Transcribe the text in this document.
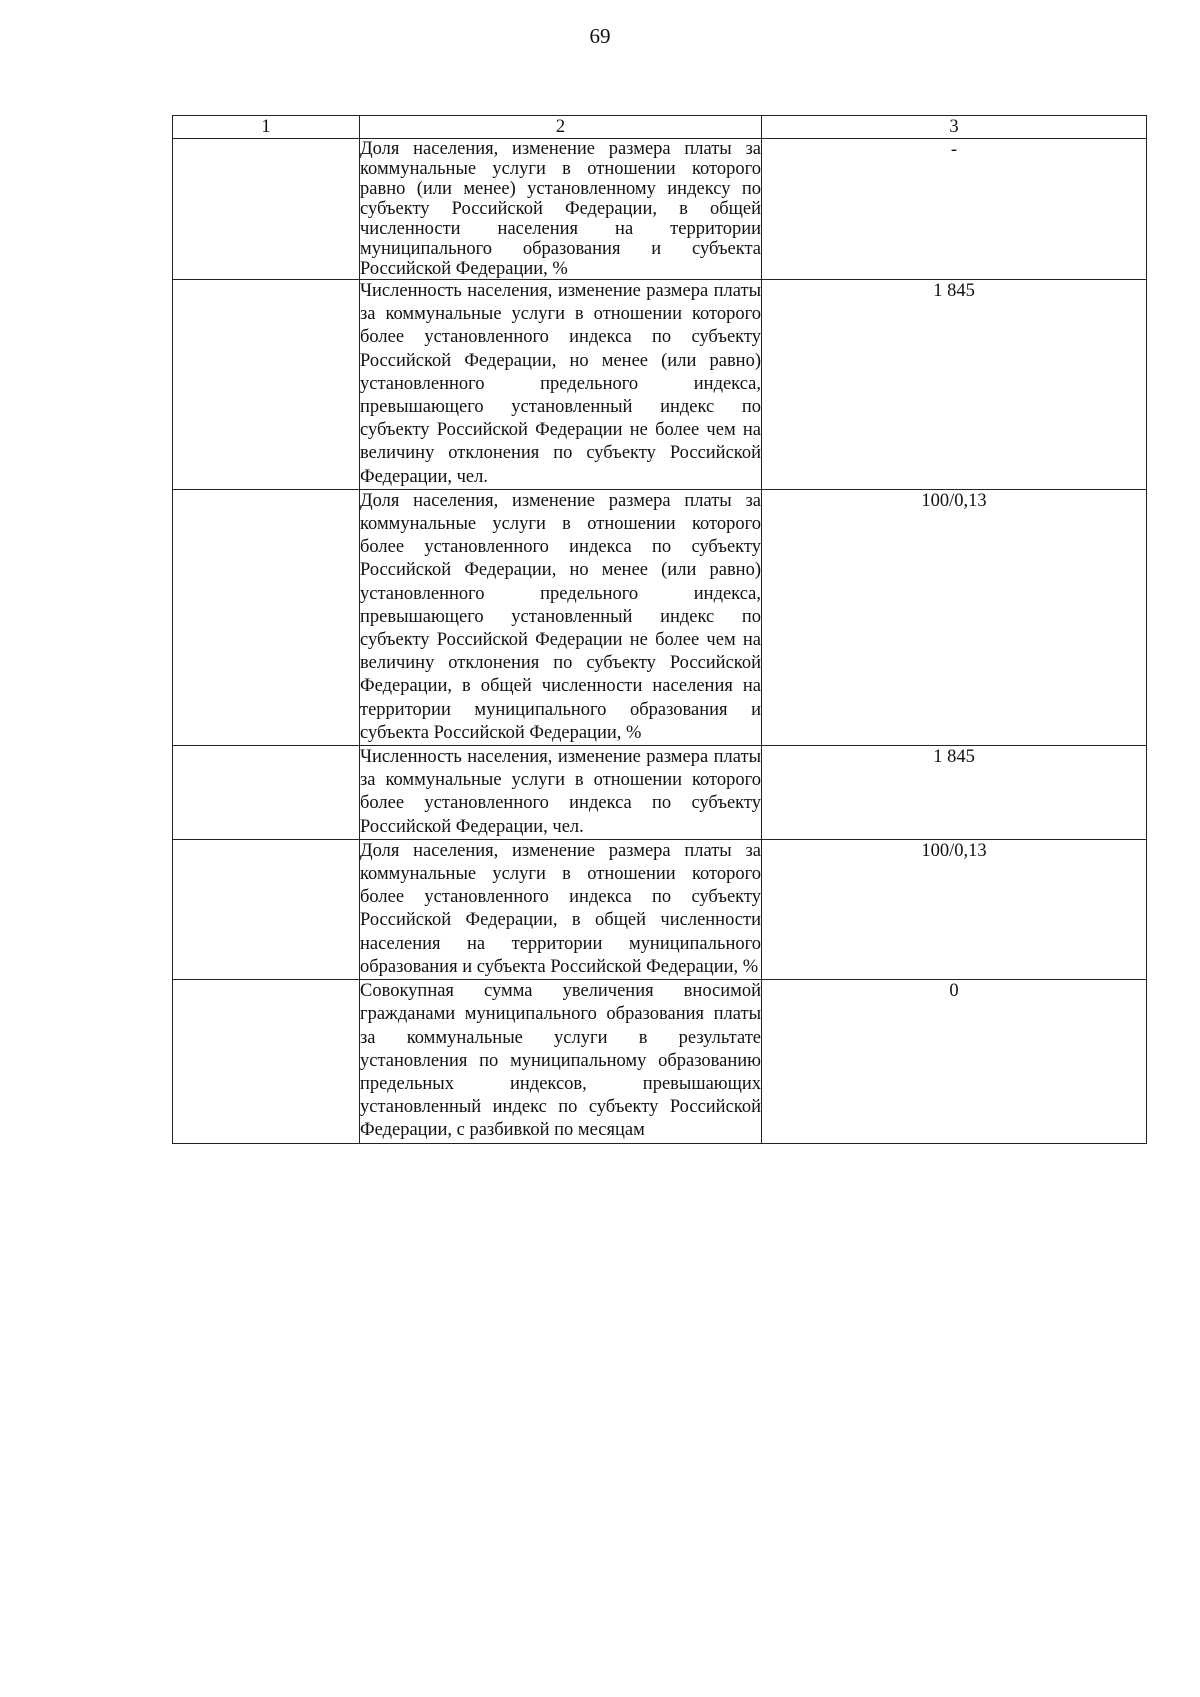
69
1	2	3
	Доля населения, изменение размера платы за коммунальные услуги в отношении которого равно (или менее) установленному индексу по субъекту Российской Федерации, в общей численности населения на территории муниципального образования и субъекта Российской Федерации, %	-
	Численность населения, изменение размера платы за коммунальные услуги в отношении которого более установленного индекса по субъекту Российской Федерации, но менее (или равно) установленного предельного индекса, превышающего установленный индекс по субъекту Российской Федерации не более чем на величину отклонения по субъекту Российской Федерации, чел.	1 845
	Доля населения, изменение размера платы за коммунальные услуги в отношении которого более установленного индекса по субъекту Российской Федерации, но менее (или равно) установленного предельного индекса, превышающего установленный индекс по субъекту Российской Федерации не более чем на величину отклонения по субъекту Российской Федерации, в общей численности населения на территории муниципального образования и субъекта Российской Федерации, %	100/0,13
	Численность населения, изменение размера платы за коммунальные услуги в отношении которого более установленного индекса по субъекту Российской Федерации, чел.	1 845
	Доля населения, изменение размера платы за коммунальные услуги в отношении которого более установленного индекса по субъекту Российской Федерации, в общей численности населения на территории муниципального образования и субъекта Российской Федерации, %	100/0,13
	Совокупная сумма увеличения вносимой гражданами муниципального образования платы за коммунальные услуги в результате установления по муниципальному образованию предельных индексов, превышающих установленный индекс по субъекту Российской Федерации, с разбивкой по месяцам	0
